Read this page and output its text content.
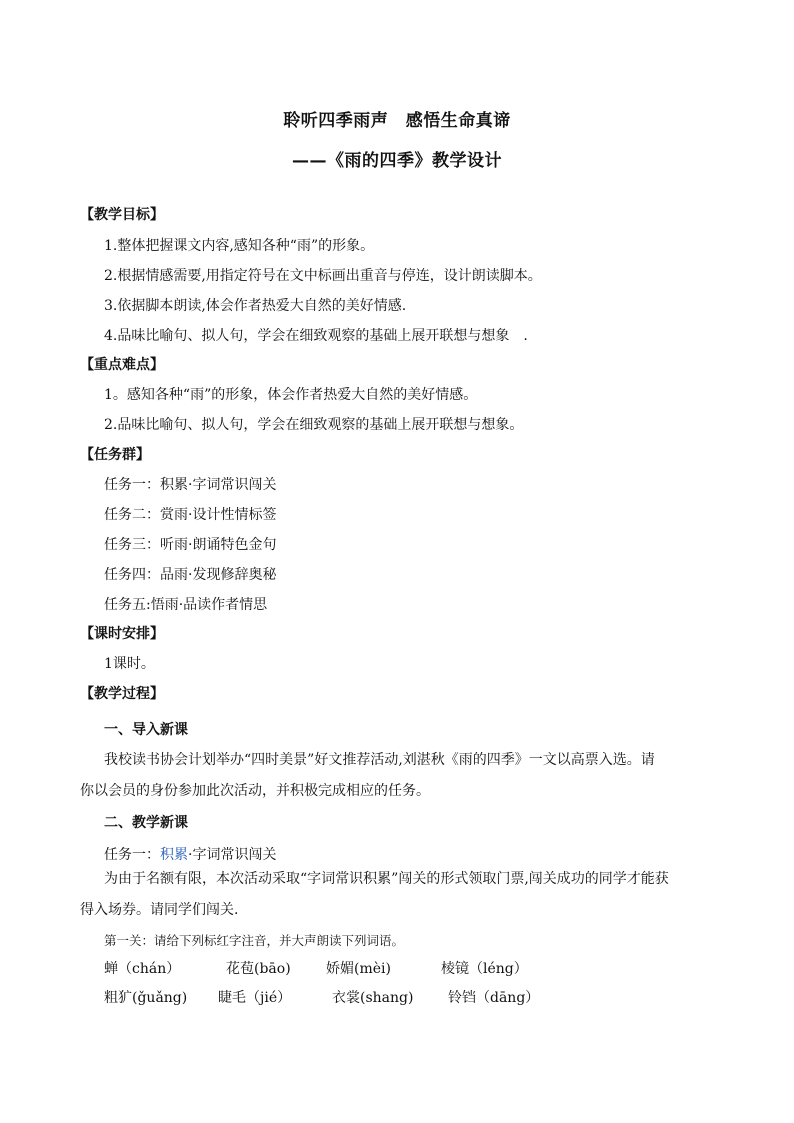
聆听四季雨声　感悟生命真谛
——《雨的四季》教学设计
【教学目标】
1.整体把握课文内容,感知各种“雨”的形象。
2.根据情感需要,用指定符号在文中标画出重音与停连，设计朗读脚本。
3.依据脚本朗读,体会作者热爱大自然的美好情感.
4.品味比喻句、拟人句，学会在细致观察的基础上展开联想与想象　.
【重点难点】
1。感知各种“雨”的形象，体会作者热爱大自然的美好情感。
2.品味比喻句、拟人句，学会在细致观察的基础上展开联想与想象。
【任务群】
任务一：积累·字词常识闯关
任务二：赏雨·设计性情标签
任务三：听雨·朗诵特色金句
任务四：品雨·发现修辞奥秘
任务五:悟雨·品读作者情思
【课时安排】
1课时。
【教学过程】
一、导入新课
我校读书协会计划举办“四时美景”好文推荐活动,刘湛秋《雨的四季》一文以高票入选。请
你以会员的身份参加此次活动，并积极完成相应的任务。
二、教学新课
任务一：积累·字词常识闯关
为由于名额有限，本次活动采取“字词常识积累”闯关的形式领取门票,闯关成功的同学才能获
得入场券。请同学们闯关.
第一关：请给下列标红字注音，并大声朗读下列词语。
蝉（chán）	花苞(bāo)	娇媚(mèi)	棱镜（léng）
粗犷(ǧuǎng) 睫毛（jié）	衣裳(shang) 铃铛（dāng）
